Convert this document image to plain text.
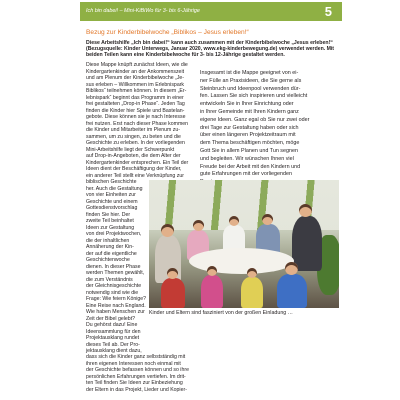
Ich bin dabei! – Mini-KiBiWo für 3- bis 6-Jährige	5
Bezug zur Kinderbibelwoche „Biblikos – Jesus erleben!“
Diese Arbeitshilfe „Ich bin dabei!“ kann auch zusammen mit der Kinderbibelwoche „Jesus erleben!“
(Bezugsquelle: Kinder Unterwegs, Januar 2020, www.ekg-kinderbewegung.de) verwendet werden. Mit
beiden Teilen kann eine Kinderbibelwoche für 3- bis 12-Jährige gestaltet werden.
Diese Mappe knüpft zunächst Ideen, wie die
Kindergartenkinder an der Ankommenszeit
und am Plenum der Kinderbibelwoche „Je-
sus erleben – Willkommen im Erlebnispark
Biblikos“ teilnehmen können. In diesem „Er-
lebnispark“ beginnt das Programm in einer
frei gestalteten „Drop-in Phase“. Jeden Tag
finden die Kinder hier Spiele und Bastelan-
gebote. Diese können sie je nach Interesse
frei nutzen. Erst nach dieser Phase kommen
die Kinder und Mitarbeiter im Plenum zu-
sammen, um zu singen, zu beten und die
Geschichte zu erleben. In der vorliegenden
Mini-Arbeitshilfe liegt der Schwerpunkt
auf Drop-in-Angeboten, die dem Alter der
Kindergartenkinder entsprechen. Ein Teil der
Ideen dient der Beschäftigung der Kinder,
ein anderer Teil stellt eine Verknüpfung zur
biblischen Geschichte
her. Auch die Gestaltung
von vier Einheiten zur
Geschichte und einem
Gottesdienstvorschlag
finden Sie hier. Der
zweite Teil beinhaltet
Ideen zur Gestaltung
von drei Projektwochen,
die der inhaltlichen
Annäherung der Kin-
der auf die eigentliche
Geschichtenwoche
dienen. In dieser Phase
werden Themen gewählt,
die zum Verständnis
der Gleichnisgeschichte
notwendig sind wie die
Frage: Wie feiern Könige?
Eine Reise nach England.
Wie haben Menschen zur
Zeit der Bibel gelebt?
Du gehörst dazu! Eine
Ideensammlung für den
Projektausklang rundet
dieses Teil ab. Der Pro-
jektausklang dient dazu,
dass sich die Kinder ganz selbstständig mit
ihren eigenen Interessen noch einmal mit
der Geschichte befassen können und so ihre
persönlichen Erfahrungen vertiefen. Im drit-
ten Teil finden Sie Ideen zur Einbeziehung
der Eltern in das Projekt, Lieder und Kopier-
Insgesamt ist die Mappe geeignet von ei-
ner Fülle an Praxisideen, die Sie gerne als
Steinbruch und Ideenpool verwenden dür-
fen. Lassen Sie sich inspirieren und vielleicht
entwickeln Sie in Ihrer Einrichtung oder
in Ihrer Gemeinde mit Ihren Kindern ganz
eigene Ideen. Ganz egal ob Sie nur zwei oder
drei Tage zur Gestaltung haben oder sich
über einen längeren Projektzeitraum mit
dem Thema beschäftigen möchten, möge
Gott Sie in allem Planen und Tun segnen
und begleiten. Wir wünschen Ihnen viel
Freude bei der Arbeit mit den Kindern und
gute Erfahrungen mit der vorliegenden
Kinder und Eltern sind fasziniert von der großen Einladung …
